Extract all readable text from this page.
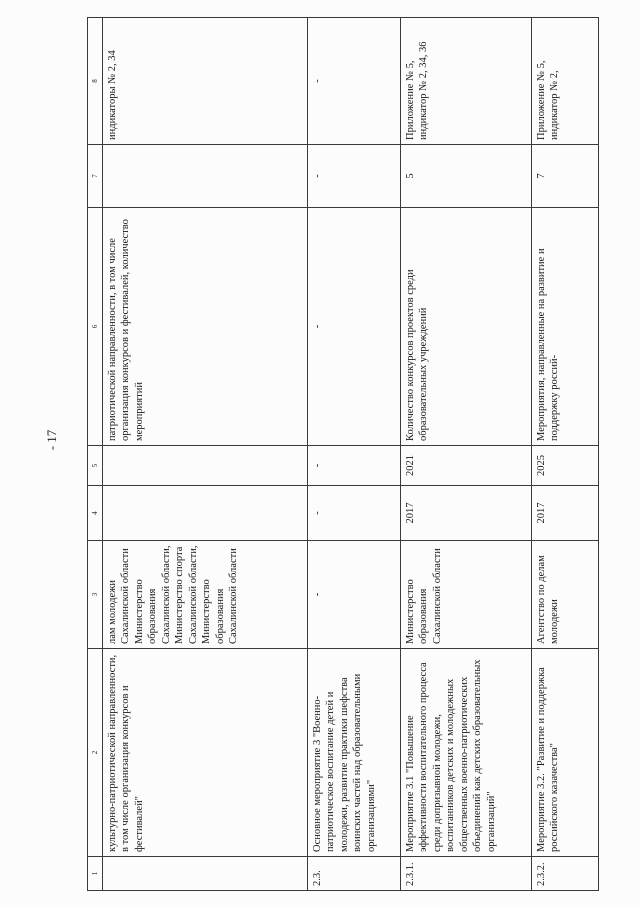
- 17
1	2	3	4	5	6	7	8
	культурно-патриотической направленности, в том числе организация конкурсов и фестивалей"	лам молодежи Сахалинской области Министерство образования Сахалинской области, Министерство спорта Сахалинской области, Министерство образования Сахалинской области			патриотической направленности, в том числе организация конкурсов и фестивалей, количество мероприятий		индикаторы № 2, 34
2.3.	Основное мероприятие 3 "Военно-патриотическое воспитание детей и молодежи, развитие практики шефства воинских частей над образовательными организациями"	-	-	-	-	-	-
2.3.1.	Мероприятие 3.1 "Повышение эффективности воспитательного процесса среди допризывной молодежи, воспитанников детских и молодежных общественных военно-патриотических объединений как детских образовательных организаций"	Министерство образования Сахалинской области	2017	2021	Количество конкурсов проектов среди образовательных учреждений	5	Приложение № 5, индикатор № 2, 34, 36
2.3.2.	Мероприятие 3.2. "Развитие и поддержка российского казачества"	Агентство по делам молодежи	2017	2025	Мероприятия, направленные на развитие и поддержку россий-	7	Приложение № 5, индикатор № 2,
